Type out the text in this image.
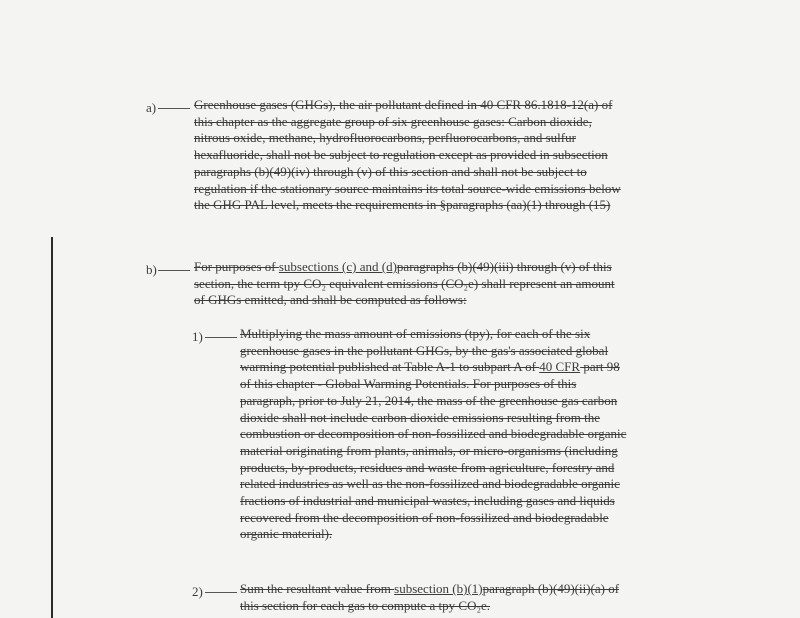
a)	Greenhouse gases (GHGs), the air pollutant defined in 40 CFR 86.1818-12(a) of
this chapter as the aggregate group of six greenhouse gases: Carbon dioxide,
nitrous oxide, methane, hydrofluorocarbons, perfluorocarbons, and sulfur
hexafluoride, shall not be subject to regulation except as provided in subsection
paragraphs (b)(49)(iv) through (v) of this section and shall not be subject to
regulation if the stationary source maintains its total source-wide emissions below
the GHG PAL level, meets the requirements in §paragraphs (aa)(1) through (15)
b)	For purposes of subsections (c) and (d)paragraphs (b)(49)(iii) through (v) of this
section, the term tpy CO₂ equivalent emissions (CO₂e) shall represent an amount
of GHGs emitted, and shall be computed as follows:
1)	Multiplying the mass amount of emissions (tpy), for each of the six
greenhouse gases in the pollutant GHGs, by the gas's associated global
warming potential published at Table A-1 to subpart A of 40 CFR part 98
of this chapter - Global Warming Potentials. For purposes of this
paragraph, prior to July 21, 2014, the mass of the greenhouse gas carbon
dioxide shall not include carbon dioxide emissions resulting from the
combustion or decomposition of non-fossilized and biodegradable organic
material originating from plants, animals, or micro-organisms (including
products, by-products, residues and waste from agriculture, forestry and
related industries as well as the non-fossilized and biodegradable organic
fractions of industrial and municipal wastes, including gases and liquids
recovered from the decomposition of non-fossilized and biodegradable
organic material).
2)	Sum the resultant value from subsection (b)(1)paragraph (b)(49)(ii)(a) of
this section for each gas to compute a tpy CO₂e.
